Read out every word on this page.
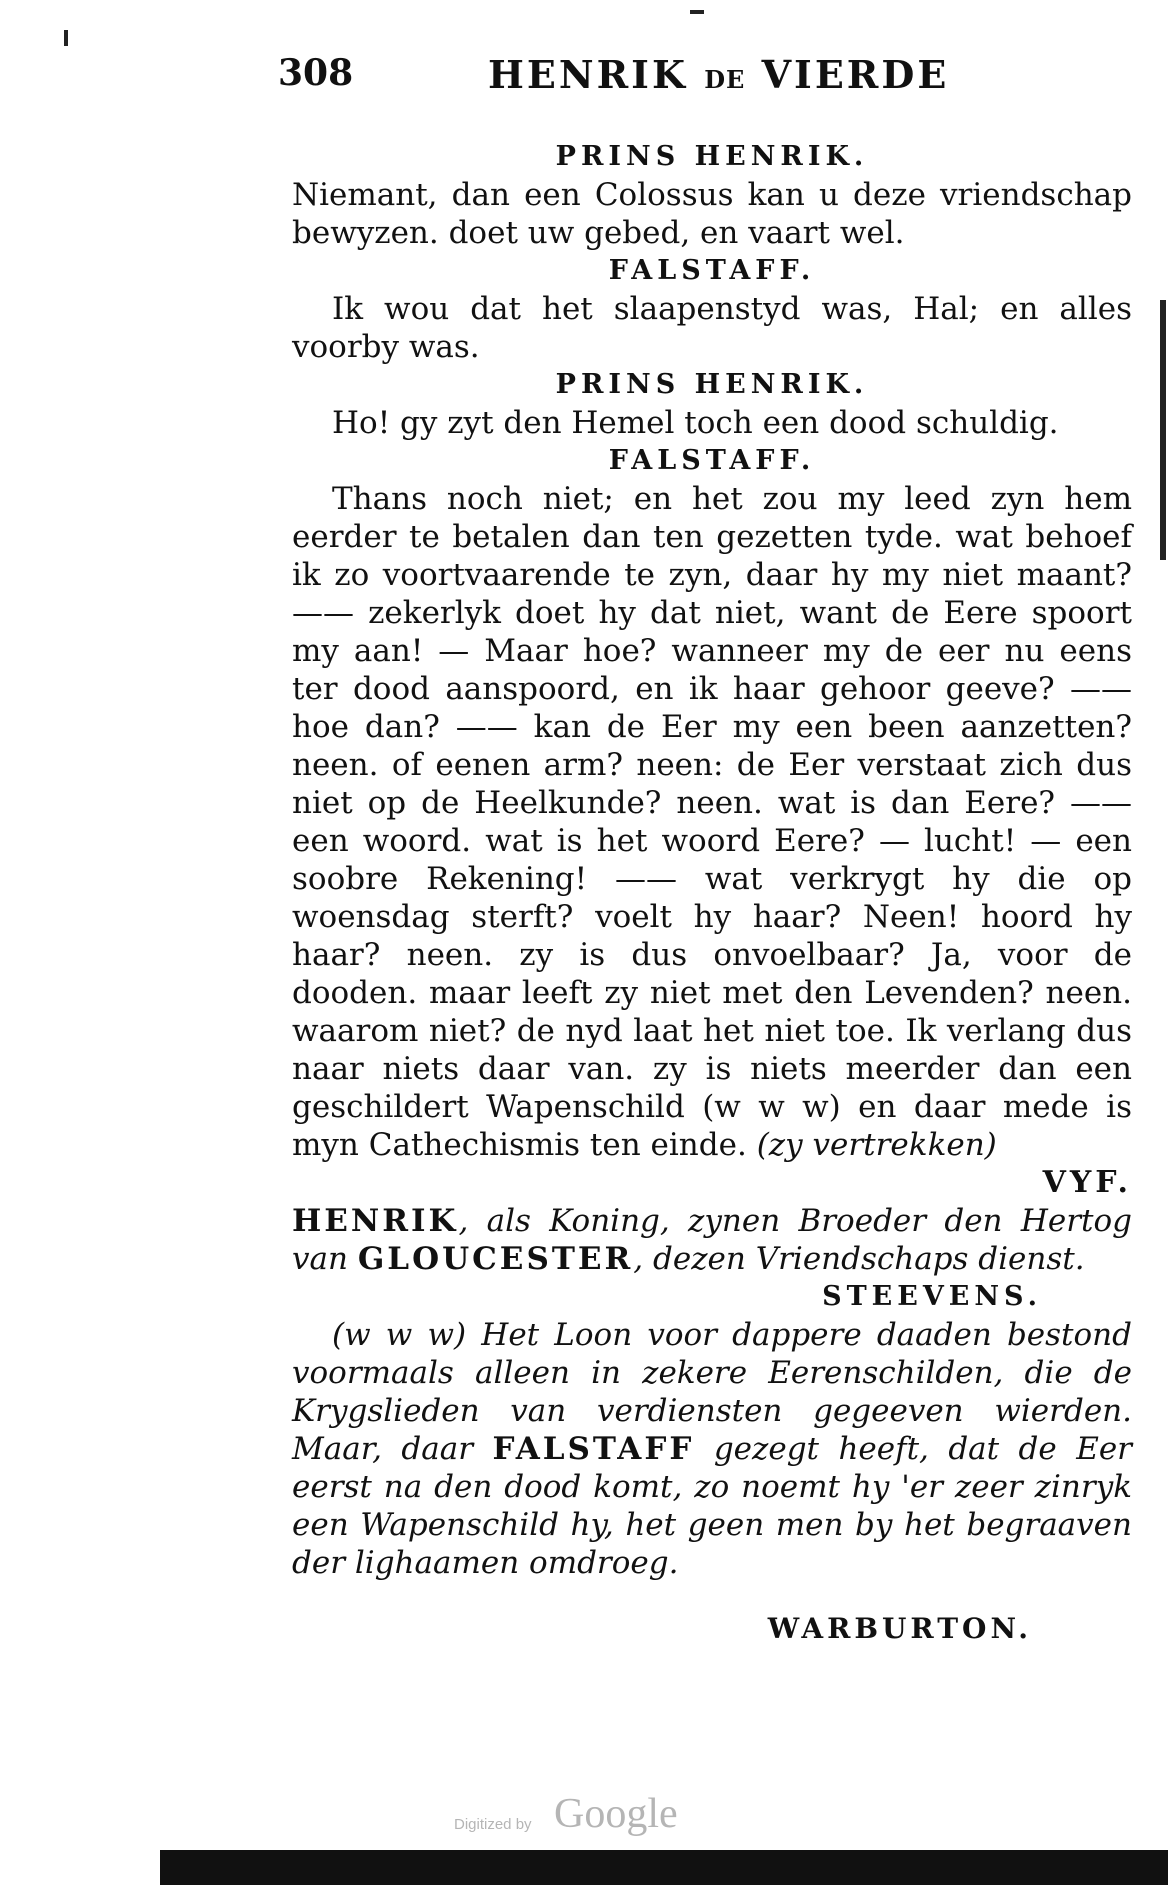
308	HENRIK DE VIERDE

PRINS HENRIK.

Niemant, dan een Colossus kan u deze vriendschap bewyzen. doet uw gebed, en vaart wel.

FALSTAFF.

Ik wou dat het slaapenstyd was, Hal; en alles voorby was.

PRINS HENRIK.

Ho! gy zyt den Hemel toch een dood schuldig.

FALSTAFF.

Thans noch niet; en het zou my leed zyn hem eerder te betalen dan ten gezetten tyde. wat behoef ik zo voortvaarende te zyn, daar hy my niet maant? —— zekerlyk doet hy dat niet, want de Eere spoort my aan! — Maar hoe? wanneer my de eer nu eens ter dood aanspoord, en ik haar gehoor geeve? —— hoe dan? —— kan de Eer my een been aanzetten? neen. of eenen arm? neen: de Eer verstaat zich dus niet op de Heelkunde? neen. wat is dan Eere? —— een woord. wat is het woord Eere? — lucht! — een soobre Rekening! —— wat verkrygt hy die op woensdag sterft? voelt hy haar? Neen! hoord hy haar? neen. zy is dus onvoelbaar? Ja, voor de dooden. maar leeft zy niet met den Levenden? neen. waarom niet? de nyd laat het niet toe. Ik verlang dus naar niets daar van. zy is niets meerder dan een geschildert Wapenschild (w w w) en daar mede is myn Cathechismis ten einde. (zy vertrekken)

VYF.

HENRIK, als Koning, zynen Broeder den Hertog van GLOUCESTER, dezen Vriendschaps dienst.

STEEVENS.

(w w w) Het Loon voor dappere daaden bestond voormaals alleen in zekere Eerenschilden, die de Krygslieden van verdiensten gegeeven wierden. Maar, daar FALSTAFF gezegt heeft, dat de Eer eerst na den dood komt, zo noemt hy 'er zeer zinryk een Wapenschild hy, het geen men by het begraaven der lighaamen omdroeg.

WARBURTON.

Digitized by Google
